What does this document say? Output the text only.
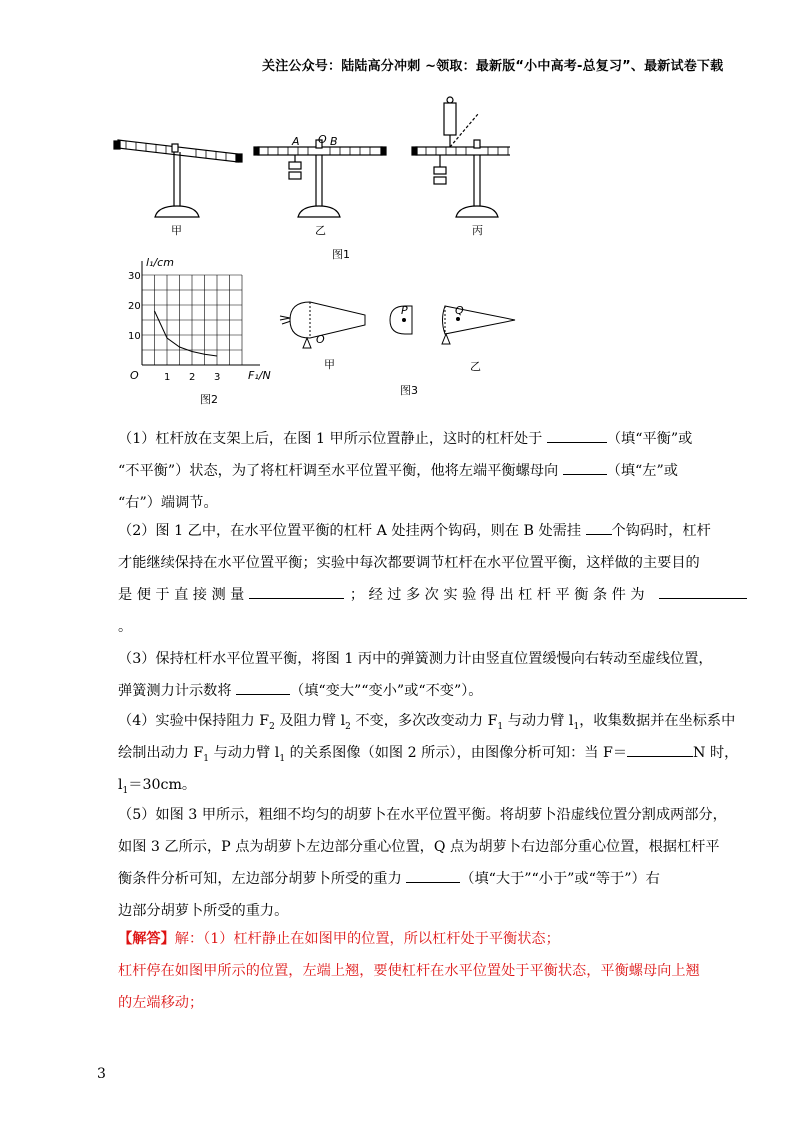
关注公众号：陆陆高分冲刺 ~领取：最新版“小中高考-总复习”、最新试卷下载
甲	乙	丙
图1
A O B
30
20
10
1 2 3
l₁/cm
F₁/N
O
图2
O
P	Q
甲	乙
图3
（1）杠杆放在支架上后，在图 1 甲所示位置静止，这时的杠杆处于	（填“平衡”或
“不平衡”）状态，为了将杠杆调至水平位置平衡，他将左端平衡螺母向	（填“左”或
“右”）端调节。
（2）图 1 乙中，在水平位置平衡的杠杆 A 处挂两个钩码，则在 B 处需挂 个钩码时，杠杆
才能继续保持在水平位置平衡；实验中每次都要调节杠杆在水平位置平衡，这样做的主要目的
是 便 于 直 接 测 量	； 经 过 多 次 实 验 得 出 杠 杆 平 衡 条 件 为
。
（3）保持杠杆水平位置平衡，将图 1 丙中的弹簧测力计由竖直位置缓慢向右转动至虚线位置，
弹簧测力计示数将	（填“变大”“变小”或“不变”）。
（4）实验中保持阻力 $F_2$ 及阻力臂 $l_2$ 不变，多次改变动力 $F_1$ 与动力臂 $l_1$，收集数据并在坐标系中
绘制出动力 $F_1$ 与动力臂 $l_1$ 的关系图像（如图 2 所示），由图像分析可知：当 F＝	N 时，
$l_1=30cm$。
（5）如图 3 甲所示，粗细不均匀的胡萝卜在水平位置平衡。将胡萝卜沿虚线位置分割成两部分，
如图 3 乙所示，P 点为胡萝卜左边部分重心位置，Q 点为胡萝卜右边部分重心位置，根据杠杆平
衡条件分析可知，左边部分胡萝卜所受的重力	（填“大于”“小于”或“等于”）右
边部分胡萝卜所受的重力。
【解答】解：（1）杠杆静止在如图甲的位置，所以杠杆处于平衡状态；
杠杆停在如图甲所示的位置，左端上翘，要使杠杆在水平位置处于平衡状态，平衡螺母向上翘
的左端移动；
3
